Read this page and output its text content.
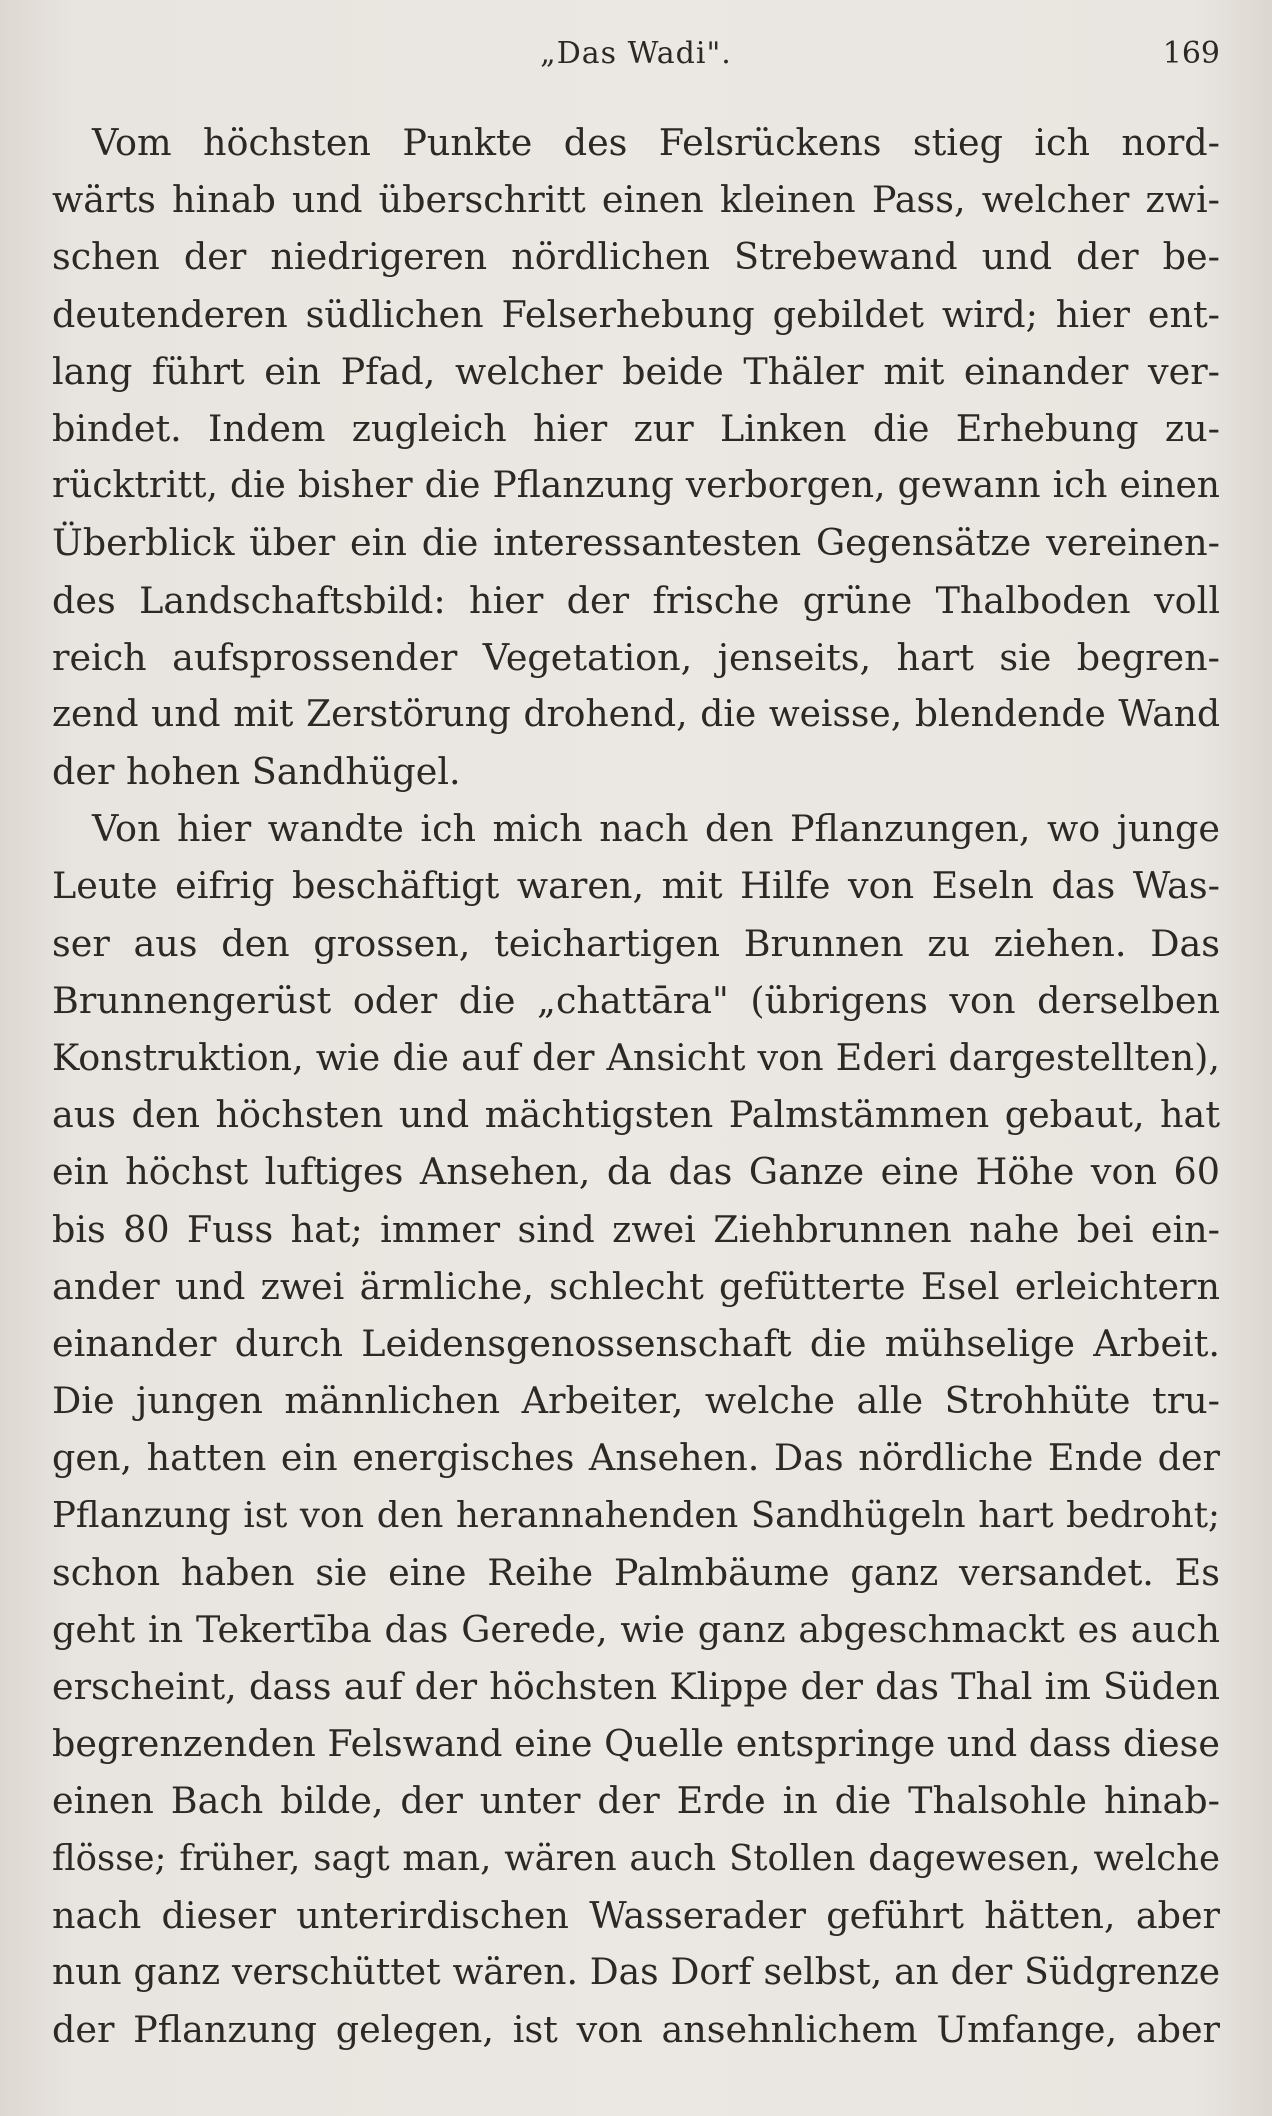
„Das Wadi".	169
Vom höchsten Punkte des Felsrückens stieg ich nord-
wärts hinab und überschritt einen kleinen Pass, welcher zwi-
schen der niedrigeren nördlichen Strebewand und der be-
deutenderen südlichen Felserhebung gebildet wird; hier ent-
lang führt ein Pfad, welcher beide Thäler mit einander ver-
bindet. Indem zugleich hier zur Linken die Erhebung zu-
rücktritt, die bisher die Pflanzung verborgen, gewann ich einen
Überblick über ein die interessantesten Gegensätze vereinen-
des Landschaftsbild: hier der frische grüne Thalboden voll
reich aufsprossender Vegetation, jenseits, hart sie begren-
zend und mit Zerstörung drohend, die weisse, blendende Wand
der hohen Sandhügel.
Von hier wandte ich mich nach den Pflanzungen, wo junge
Leute eifrig beschäftigt waren, mit Hilfe von Eseln das Was-
ser aus den grossen, teichartigen Brunnen zu ziehen. Das
Brunnengerüst oder die „chattāra" (übrigens von derselben
Konstruktion, wie die auf der Ansicht von Ederi dargestellten),
aus den höchsten und mächtigsten Palmstämmen gebaut, hat
ein höchst luftiges Ansehen, da das Ganze eine Höhe von 60
bis 80 Fuss hat; immer sind zwei Ziehbrunnen nahe bei ein-
ander und zwei ärmliche, schlecht gefütterte Esel erleichtern
einander durch Leidensgenossenschaft die mühselige Arbeit.
Die jungen männlichen Arbeiter, welche alle Strohhüte tru-
gen, hatten ein energisches Ansehen. Das nördliche Ende der
Pflanzung ist von den herannahenden Sandhügeln hart bedroht;
schon haben sie eine Reihe Palmbäume ganz versandet. Es
geht in Tekertība das Gerede, wie ganz abgeschmackt es auch
erscheint, dass auf der höchsten Klippe der das Thal im Süden
begrenzenden Felswand eine Quelle entspringe und dass diese
einen Bach bilde, der unter der Erde in die Thalsohle hinab-
flösse; früher, sagt man, wären auch Stollen dagewesen, welche
nach dieser unterirdischen Wasserader geführt hätten, aber
nun ganz verschüttet wären. Das Dorf selbst, an der Südgrenze
der Pflanzung gelegen, ist von ansehnlichem Umfange, aber
